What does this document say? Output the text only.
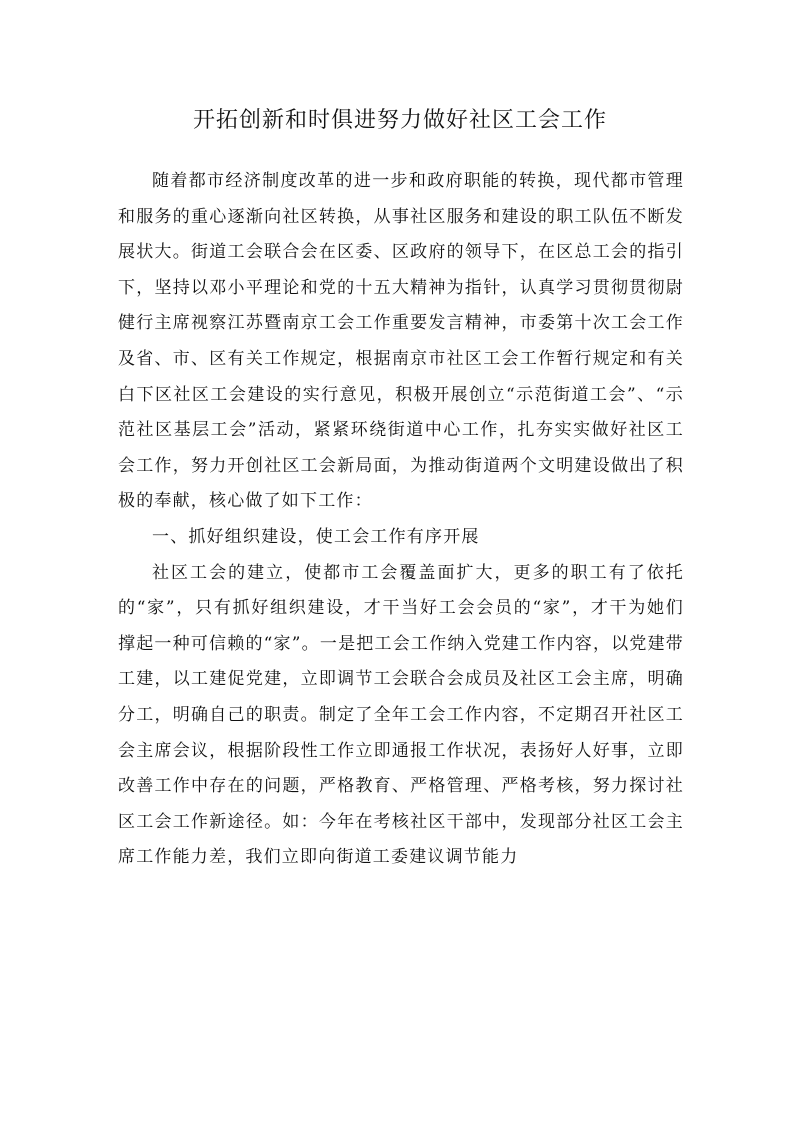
开拓创新和时俱进努力做好社区工会工作

随着都市经济制度改革的进一步和政府职能的转换，现代都市管理和服务的重心逐渐向社区转换，从事社区服务和建设的职工队伍不断发展状大。街道工会联合会在区委、区政府的领导下，在区总工会的指引下，坚持以邓小平理论和党的十五大精神为指针，认真学习贯彻贯彻尉健行主席视察江苏暨南京工会工作重要发言精神，市委第十次工会工作及省、市、区有关工作规定，根据南京市社区工会工作暂行规定和有关白下区社区工会建设的实行意见，积极开展创立“示范街道工会”、“示范社区基层工会”活动，紧紧环绕街道中心工作，扎夯实实做好社区工会工作，努力开创社区工会新局面，为推动街道两个文明建设做出了积极的奉献，核心做了如下工作：

一、抓好组织建设，使工会工作有序开展

社区工会的建立，使都市工会覆盖面扩大，更多的职工有了依托的“家”，只有抓好组织建设，才干当好工会会员的“家”，才干为她们撑起一种可信赖的“家”。一是把工会工作纳入党建工作内容，以党建带工建，以工建促党建，立即调节工会联合会成员及社区工会主席，明确分工，明确自己的职责。制定了全年工会工作内容，不定期召开社区工会主席会议，根据阶段性工作立即通报工作状况，表扬好人好事，立即改善工作中存在的问题，严格教育、严格管理、严格考核，努力探讨社区工会工作新途径。如：今年在考核社区干部中，发现部分社区工会主席工作能力差，我们立即向街道工委建议调节能力
